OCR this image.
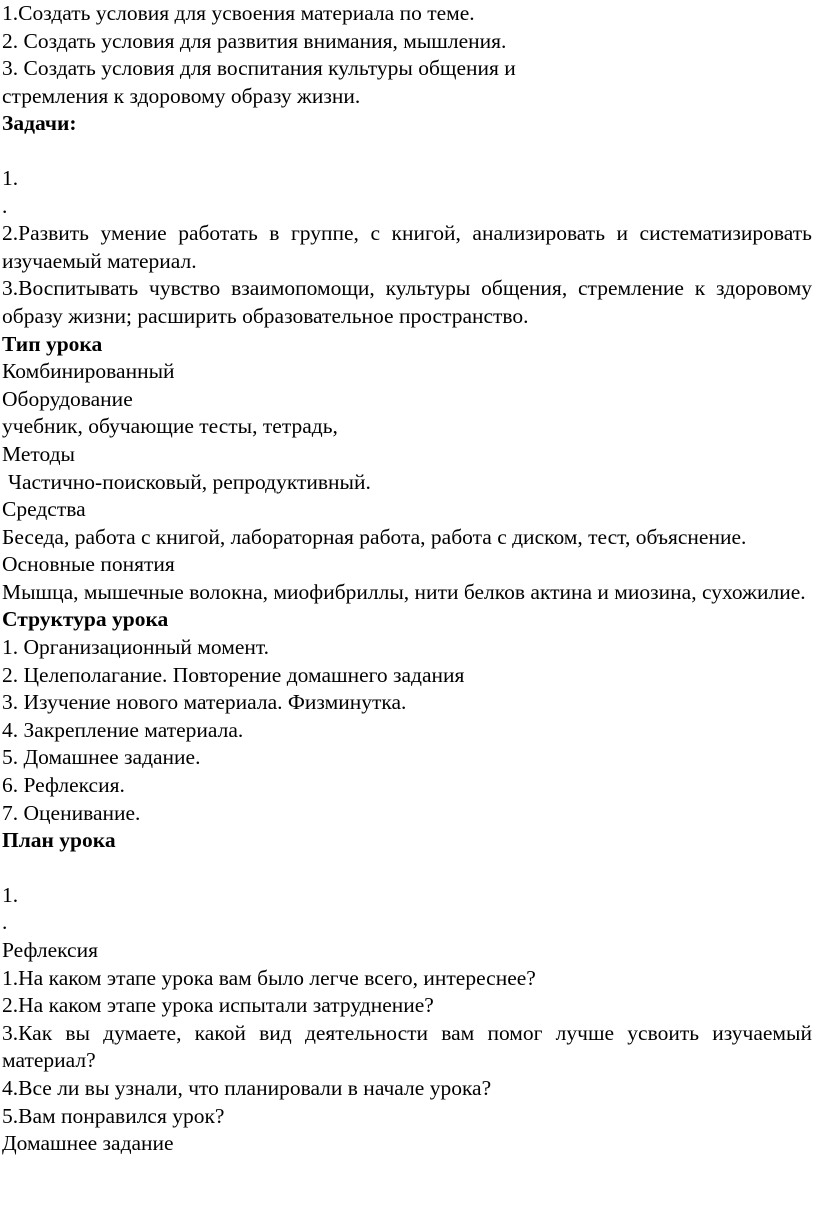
1.Создать условия для усвоения материала по теме.
2. Создать условия для развития внимания, мышления.
3. Создать условия для воспитания культуры общения и
стремления к здоровому образу жизни.
Задачи:
1.
.
2.Развить умение работать в группе, с книгой, анализировать и систематизировать изучаемый материал.
3.Воспитывать чувство взаимопомощи, культуры общения, стремление к здоровому образу жизни; расширить образовательное пространство.
Тип урока
Комбинированный
Оборудование
учебник, обучающие тесты, тетрадь,
Методы
Частично-поисковый, репродуктивный.
Средства
Беседа, работа с книгой, лабораторная работа, работа с диском, тест, объяснение.
Основные понятия
Мышца, мышечные волокна, миофибриллы, нити белков актина и миозина, сухожилие.
Структура урока
1. Организационный момент.
2. Целеполагание. Повторение домашнего задания
3. Изучение нового материала. Физминутка.
4. Закрепление материала.
5. Домашнее задание.
6. Рефлексия.
7. Оценивание.
План урока
1.
.
Рефлексия
1.На каком этапе урока вам было легче всего, интереснее?
2.На каком этапе урока испытали затруднение?
3.Как вы думаете, какой вид деятельности вам помог лучше усвоить изучаемый материал?
4.Все ли вы узнали, что планировали в начале урока?
5.Вам понравился урок?
Домашнее задание
